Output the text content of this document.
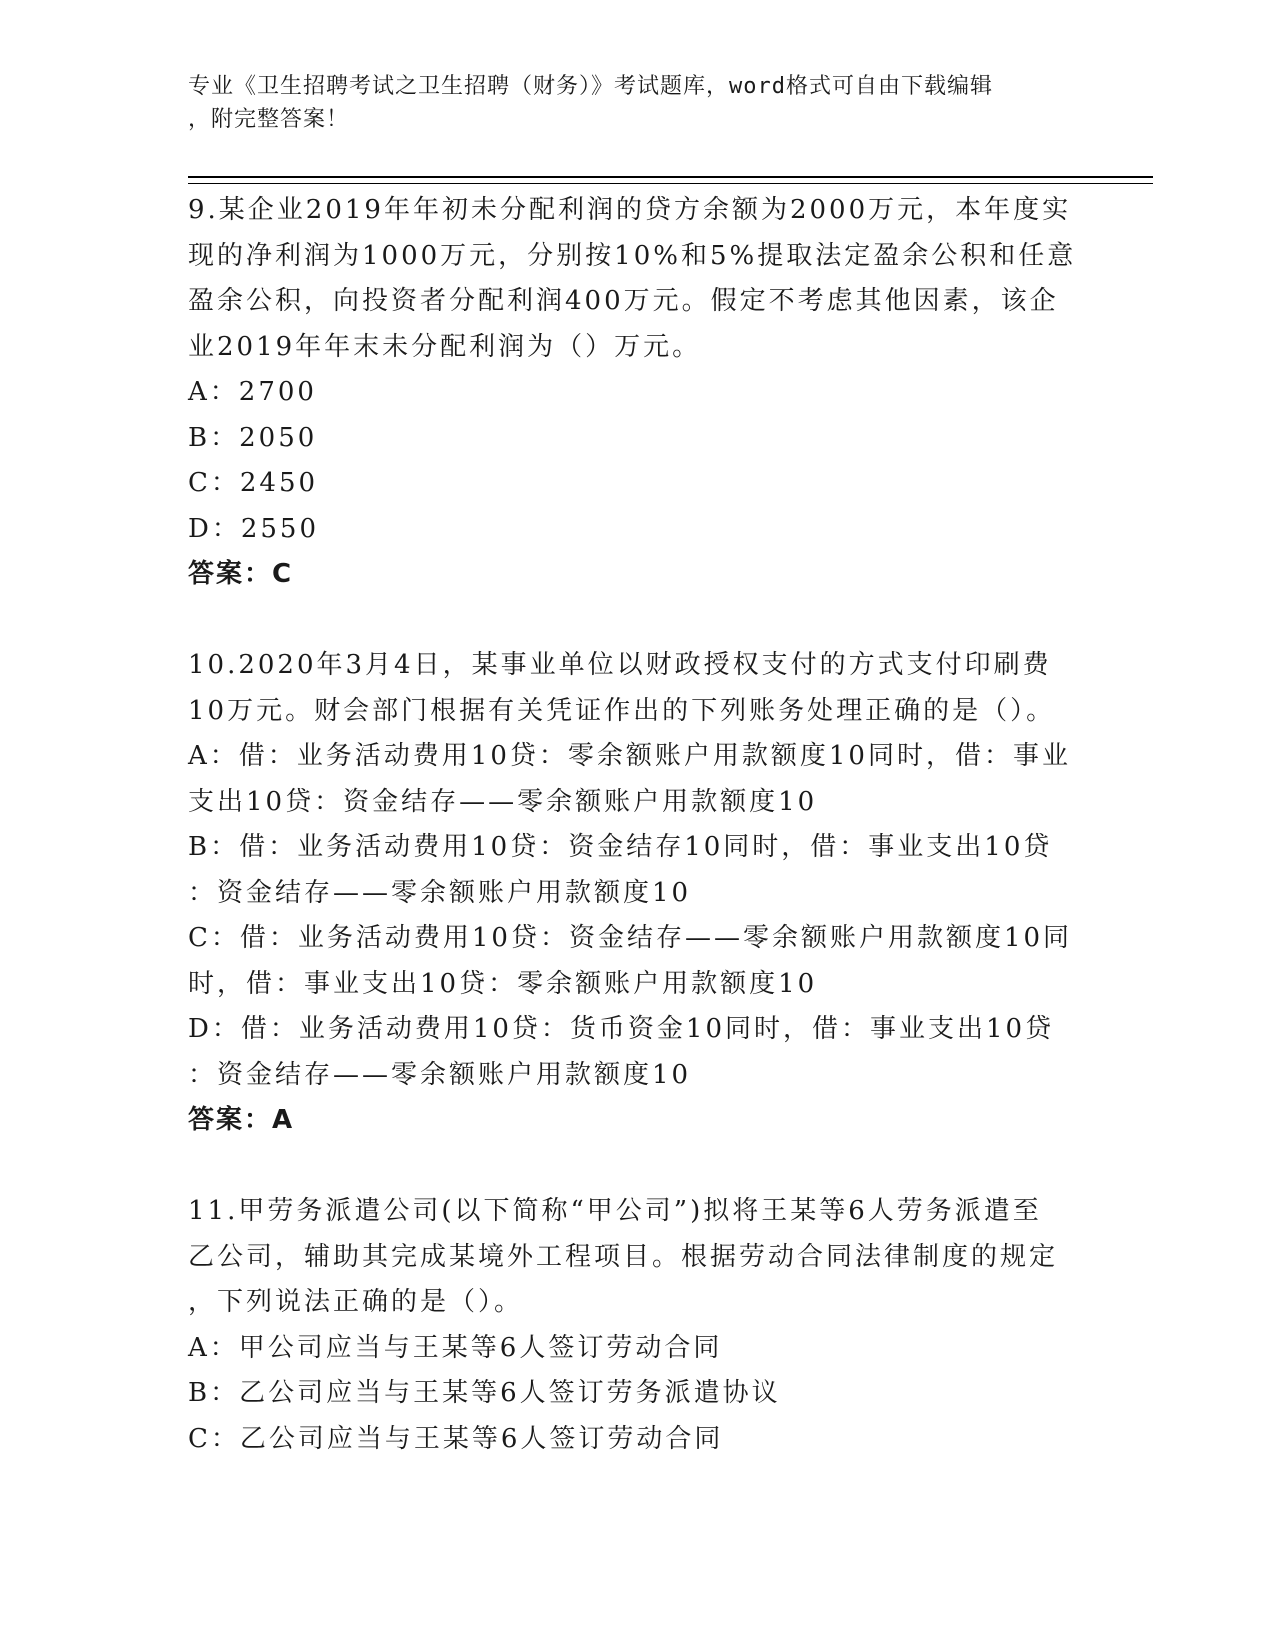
专业《卫生招聘考试之卫生招聘（财务）》考试题库，word格式可自由下载编辑
，附完整答案！
9.某企业2019年年初未分配利润的贷方余额为2000万元，本年度实
现的净利润为1000万元，分别按10%和5%提取法定盈余公积和任意
盈余公积，向投资者分配利润400万元。假定不考虑其他因素，该企
业2019年年末未分配利润为（）万元。
A：2700
B：2050
C：2450
D：2550
答案：C
10.2020年3月4日，某事业单位以财政授权支付的方式支付印刷费
10万元。财会部门根据有关凭证作出的下列账务处理正确的是（）。
A：借：业务活动费用10贷：零余额账户用款额度10同时，借：事业
支出10贷：资金结存——零余额账户用款额度10
B：借：业务活动费用10贷：资金结存10同时，借：事业支出10贷
：资金结存——零余额账户用款额度10
C：借：业务活动费用10贷：资金结存——零余额账户用款额度10同
时，借：事业支出10贷：零余额账户用款额度10
D：借：业务活动费用10贷：货币资金10同时，借：事业支出10贷
：资金结存——零余额账户用款额度10
答案：A
11.甲劳务派遣公司(以下简称“甲公司”)拟将王某等6人劳务派遣至
乙公司，辅助其完成某境外工程项目。根据劳动合同法律制度的规定
，下列说法正确的是（）。
A：甲公司应当与王某等6人签订劳动合同
B：乙公司应当与王某等6人签订劳务派遣协议
C：乙公司应当与王某等6人签订劳动合同
